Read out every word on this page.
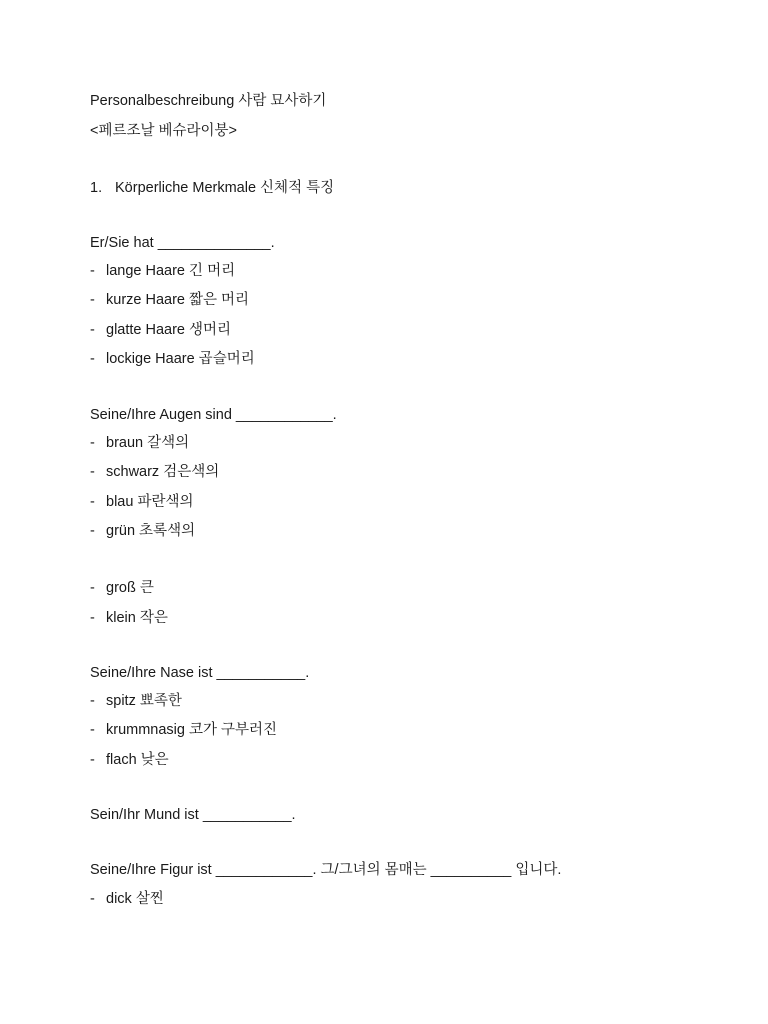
Personalbeschreibung 사람 묘사하기
<페르조날 베슈라이붕>
1. Körperliche Merkmale 신체적 특징
Er/Sie hat ______________.
- lange Haare 긴 머리
- kurze Haare 짧은 머리
- glatte Haare 생머리
- lockige Haare 곱슬머리
Seine/Ihre Augen sind ____________.
- braun 갈색의
- schwarz 검은색의
- blau 파란색의
- grün 초록색의
- groß 큰
- klein 작은
Seine/Ihre Nase ist ___________.
- spitz 뾰족한
- krummnasig 코가 구부러진
- flach 낮은
Sein/Ihr Mund ist ___________.
Seine/Ihre Figur ist ____________. 그/그녀의 몸매는 __________ 입니다.
- dick 살찐
